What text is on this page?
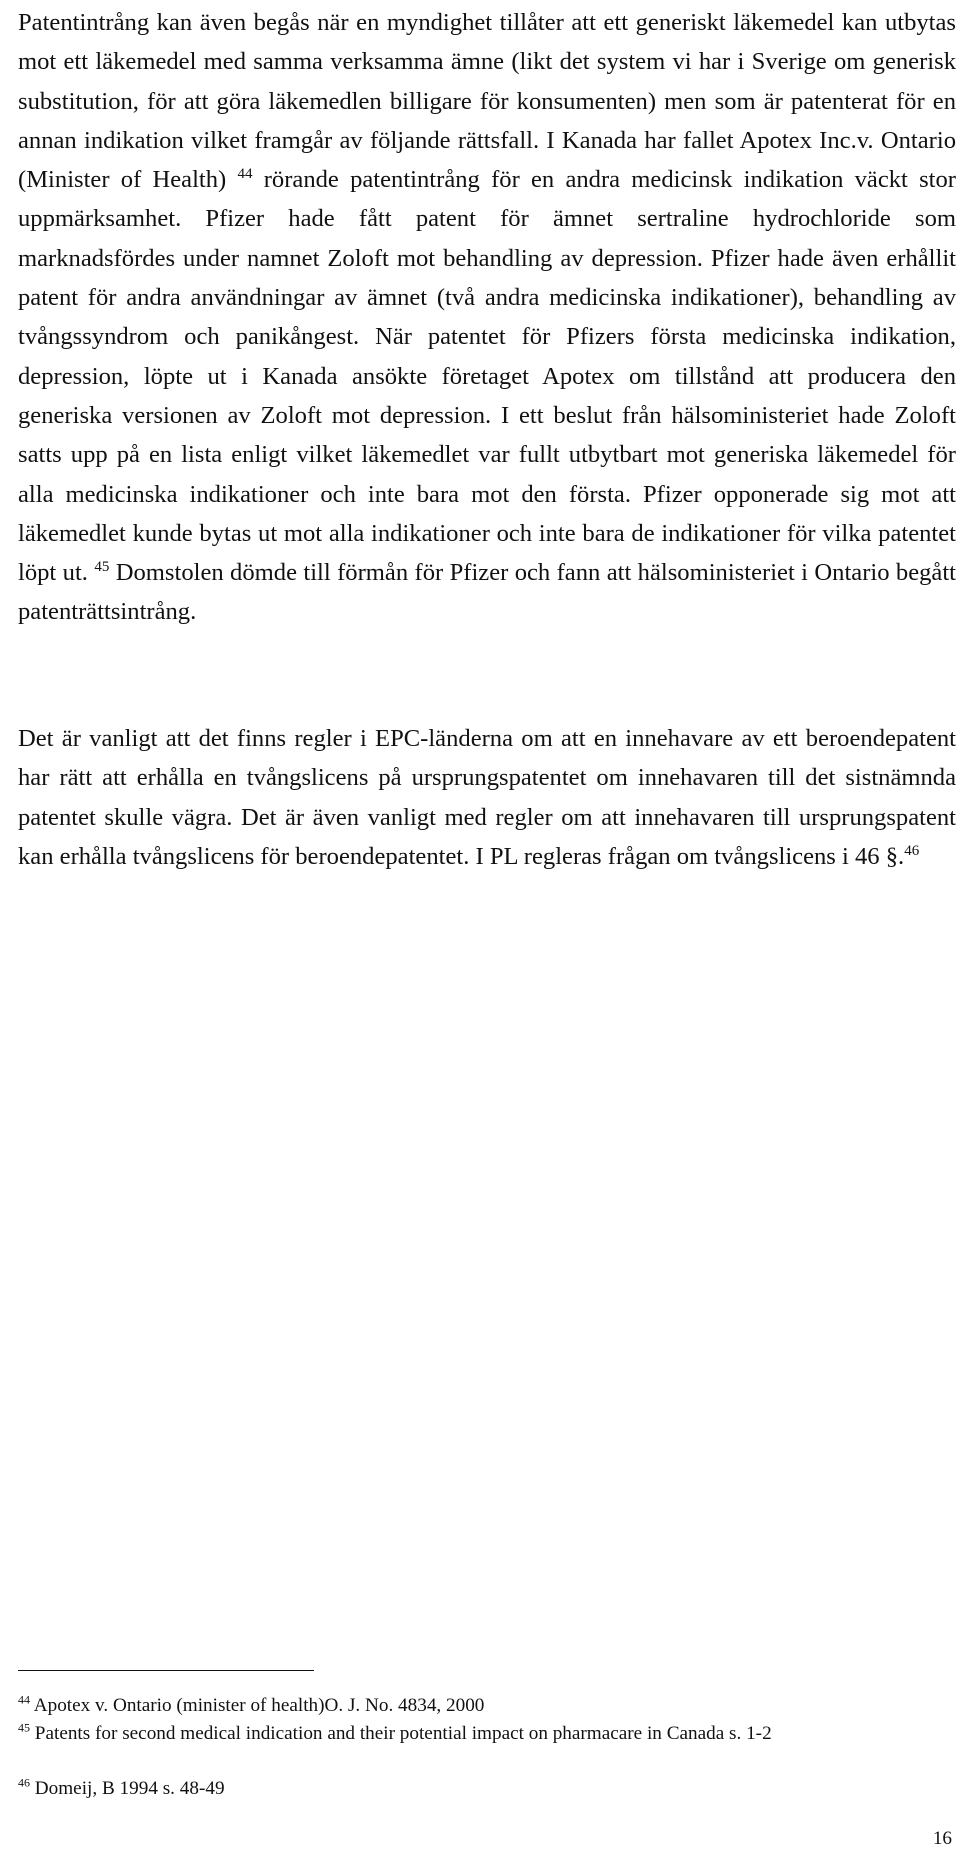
Patentintrång kan även begås när en myndighet tillåter att ett generiskt läkemedel kan utbytas mot ett läkemedel med samma verksamma ämne (likt det system vi har i Sverige om generisk substitution, för att göra läkemedlen billigare för konsumenten) men som är patenterat för en annan indikation vilket framgår av följande rättsfall. I Kanada har fallet Apotex Inc.v. Ontario (Minister of Health) $^{44}$ rörande patentintrång för en andra medicinsk indikation väckt stor uppmärksamhet. Pfizer hade fått patent för ämnet sertraline hydrochloride som marknadsfördes under namnet Zoloft mot behandling av depression. Pfizer hade även erhållit patent för andra användningar av ämnet (två andra medicinska indikationer), behandling av tvångssyndrom och panikångest. När patentet för Pfizers första medicinska indikation, depression, löpte ut i Kanada ansökte företaget Apotex om tillstånd att producera den generiska versionen av Zoloft mot depression. I ett beslut från hälsoministeriet hade Zoloft satts upp på en lista enligt vilket läkemedlet var fullt utbytbart mot generiska läkemedel för alla medicinska indikationer och inte bara mot den första. Pfizer opponerade sig mot att läkemedlet kunde bytas ut mot alla indikationer och inte bara de indikationer för vilka patentet löpt ut. $^{45}$ Domstolen dömde till förmån för Pfizer och fann att hälsoministeriet i Ontario begått patenträttsintrång.

Det är vanligt att det finns regler i EPC-länderna om att en innehavare av ett beroendepatent har rätt att erhålla en tvångslicens på ursprungspatentet om innehavaren till det sistnämnda patentet skulle vägra. Det är även vanligt med regler om att innehavaren till ursprungspatent kan erhålla tvångslicens för beroendepatentet. I PL regleras frågan om tvångslicens i 46 §.$^{46}$

$^{44}$ Apotex v. Ontario (minister of health)O. J. No. 4834, 2000

$^{45}$ Patents for second medical indication and their potential impact on pharmacare in Canada s. 1-2

$^{46}$ Domeij, B 1994 s. 48-49

16
